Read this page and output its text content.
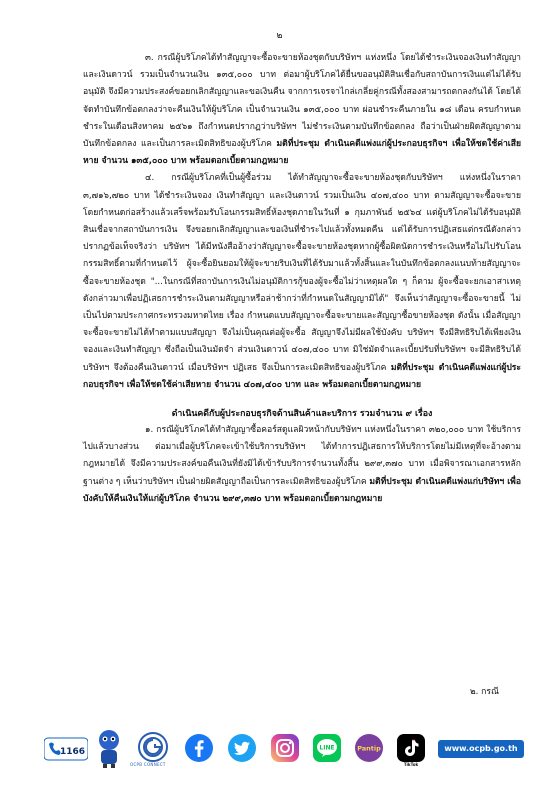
๒

๓. กรณีผู้บริโภคได้ทำสัญญาจะซื้อจะขายห้องชุดกับบริษัทฯ แห่งหนึ่ง โดยได้ชำระเงินจองเงินทำสัญญา และเงินดาวน์ รวมเป็นจำนวนเงิน ๑๓๕,๐๐๐ บาท ต่อมาผู้บริโภคได้ยื่นขออนุมัติสินเชื่อกับสถาบันการเงินแต่ไม่ได้รับอนุมัติ จึงมีความประสงค์ขอยกเลิกสัญญาและขอเงินคืน จากการเจรจาไกล่เกลี่ยคู่กรณีทั้งสองสามารถตกลงกันได้ โดยได้จัดทำบันทึกข้อตกลงว่าจะคืนเงินให้ผู้บริโภค เป็นจำนวนเงิน ๑๓๕,๐๐๐ บาท ผ่อนชำระคืนภายใน ๑๘ เดือน ครบกำหนดชำระในเดือนสิงหาคม ๒๕๖๑ ถึงกำหนดปรากฏว่าบริษัทฯ ไม่ชำระเงินตามบันทึกข้อตกลง ถือว่าเป็นฝ่ายผิดสัญญาตามบันทึกข้อตกลง และเป็นการละเมิดสิทธิของผู้บริโภค มติที่ประชุม ดำเนินคดีแพ่งแก่ผู้ประกอบธุรกิจฯ เพื่อให้ชดใช้ค่าเสียหาย จำนวน ๑๓๕,๐๐๐ บาท พร้อมดอกเบี้ยตามกฎหมาย

๔. กรณีผู้บริโภคที่เป็นผู้ซื้อร่วม ได้ทำสัญญาจะซื้อจะขายห้องชุดกับบริษัทฯ แห่งหนึ่งในราคา ๓,๗๑๖,๗๒๐ บาท ได้ชำระเงินจอง เงินทำสัญญา และเงินดาวน์ รวมเป็นเงิน ๔๐๗,๔๐๐ บาท ตามสัญญาจะซื้อจะขาย โดยกำหนดก่อสร้างแล้วเสร็จพร้อมรับโอนกรรมสิทธิ์ห้องชุดภายในวันที่ ๑ กุมภาพันธ์ ๒๕๖๔ แต่ผู้บริโภคไม่ได้รับอนุมัติสินเชื่อจากสถาบันการเงิน จึงขอยกเลิกสัญญาและขอเงินที่ชำระไปแล้วทั้งหมดคืน แต่ได้รับการปฏิเสธแต่กรณีดังกล่าวปรากฏข้อเท็จจริงว่า บริษัทฯ ได้มีหนังสืออ้างว่าสัญญาจะซื้อจะขายห้องชุดหากผู้ซื้อผิดนัดการชำระเงินหรือไม่ไปรับโอนกรรมสิทธิ์ตามที่กำหนดไว้ ผู้จะซื้อยินยอมให้ผู้จะขายริบเงินที่ได้รับมาแล้วทั้งสิ้นและในบันทึกข้อตกลงแนบท้ายสัญญาจะซื้อจะขายห้องชุด "...ในกรณีที่สถาบันการเงินไม่อนุมัติการกู้ของผู้จะซื้อไม่ว่าเหตุผลใด ๆ ก็ตาม ผู้จะซื้อจะยกเอาสาเหตุดังกล่าวมาเพื่อปฏิเสธการชำระเงินตามสัญญาหรือล่าช้ากว่าที่กำหนดในสัญญามิได้" จึงเห็นว่าสัญญาจะซื้อจะขายนี้ ไม่เป็นไปตามประกาศกระทรวงมหาดไทย เรื่อง กำหนดแบบสัญญาจะซื้อจะขายและสัญญาซื้อขายห้องชุด ดังนั้น เมื่อสัญญาจะซื้อจะขายไม่ได้ทำตามแบบสัญญา จึงไม่เป็นคุณต่อผู้จะซื้อ สัญญาจึงไม่มีผลใช้บังคับ บริษัทฯ จึงมีสิทธิริบได้เพียงเงินจองและเงินทำสัญญา ซึ่งถือเป็นเงินมัดจำ ส่วนเงินดาวน์ ๔๐๗,๔๐๐ บาท มิใช่มัดจำและเบี้ยปรับที่บริษัทฯ จะมีสิทธิริบได้ บริษัทฯ จึงต้องคืนเงินดาวน์ เมื่อบริษัทฯ ปฏิเสธ จึงเป็นการละเมิดสิทธิของผู้บริโภค มติที่ประชุม ดำเนินคดีแพ่งแก่ผู้ประกอบธุรกิจฯ เพื่อให้ชดใช้ค่าเสียหาย จำนวน ๔๐๗,๔๐๐ บาท และ พร้อมดอกเบี้ยตามกฎหมาย

ดำเนินคดีกับผู้ประกอบธุรกิจด้านสินค้าและบริการ รวมจำนวน ๙ เรื่อง

๑. กรณีผู้บริโภคได้ทำสัญญาซื้อคอร์สดูแลผิวหน้ากับบริษัทฯ แห่งหนึ่งในราคา ๓๒๐,๐๐๐ บาท ใช้บริการไปแล้วบางส่วน ต่อมาเมื่อผู้บริโภคจะเข้าใช้บริการบริษัทฯ ได้ทำการปฏิเสธการให้บริการโดยไม่มีเหตุที่จะอ้างตามกฎหมายได้ จึงมีความประสงค์ขอคืนเงินที่ยังมิได้เข้ารับบริการจำนวนทั้งสิ้น ๒๙๙,๓๗๐ บาท เมื่อพิจารณาเอกสารหลักฐานต่าง ๆ เห็นว่าบริษัทฯ เป็นฝ่ายผิดสัญญาถือเป็นการละเมิดสิทธิของผู้บริโภค มติที่ประชุม ดำเนินคดีแพ่งแก่บริษัทฯ เพื่อบังคับให้คืนเงินให้แก่ผู้บริโภค จำนวน ๒๙๙,๓๗๐ บาท พร้อมดอกเบี้ยตามกฎหมาย

๒. กรณี
1166
OCPB CONNECT
LINE	Pantip
TikTok
www.ocpb.go.th
